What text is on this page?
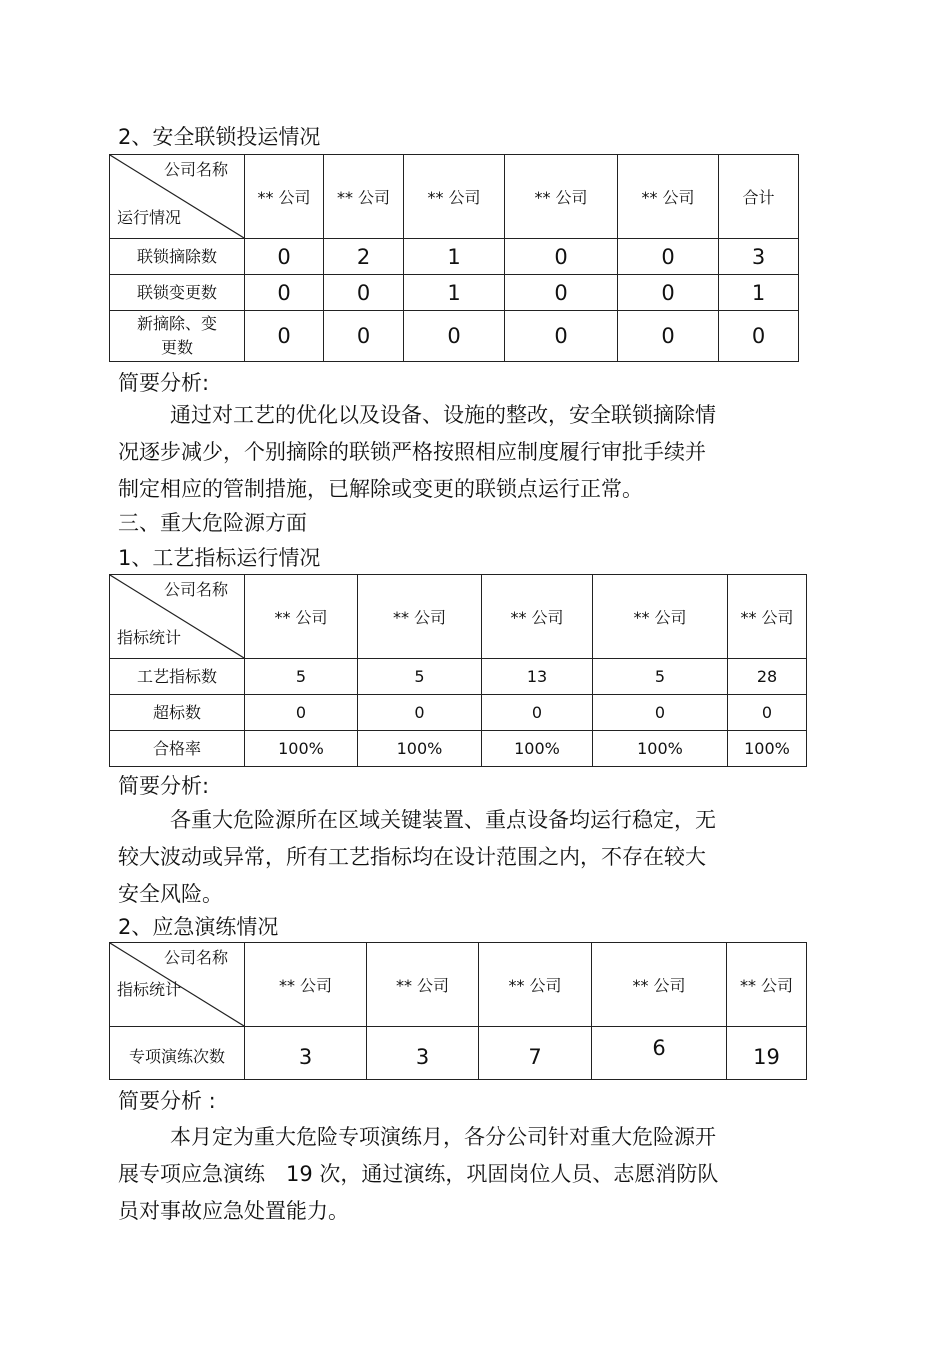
2、安全联锁投运情况
公司名称
运行情况	** 公司	** 公司	** 公司	** 公司	** 公司	合计
联锁摘除数	0	2	1	0	0	3
联锁变更数	0	0	1	0	0	1

新摘除、变
更数	0	0	0	0	0	0
简要分析:
通过对工艺的优化以及设备、设施的整改，安全联锁摘除情
况逐步减少，个别摘除的联锁严格按照相应制度履行审批手续并
制定相应的管制措施，已解除或变更的联锁点运行正常。
三、重大危险源方面
1、工艺指标运行情况
公司名称
指标统计	** 公司	** 公司	** 公司	** 公司	** 公司
工艺指标数	5	5	13	5	28
超标数	0	0	0	0	0
合格率	100%	100%	100%	100%	100%
简要分析:
各重大危险源所在区域关键装置、重点设备均运行稳定，无
较大波动或异常，所有工艺指标均在设计范围之内，不存在较大
安全风险。
2、应急演练情况
公司名称
指标统计	** 公司	** 公司	** 公司	** 公司	** 公司
专项演练次数	3	3	7	6	19
简要分析 :
本月定为重大危险专项演练月，各分公司针对重大危险源开
展专项应急演练　19 次，通过演练，巩固岗位人员、志愿消防队
员对事故应急处置能力。
